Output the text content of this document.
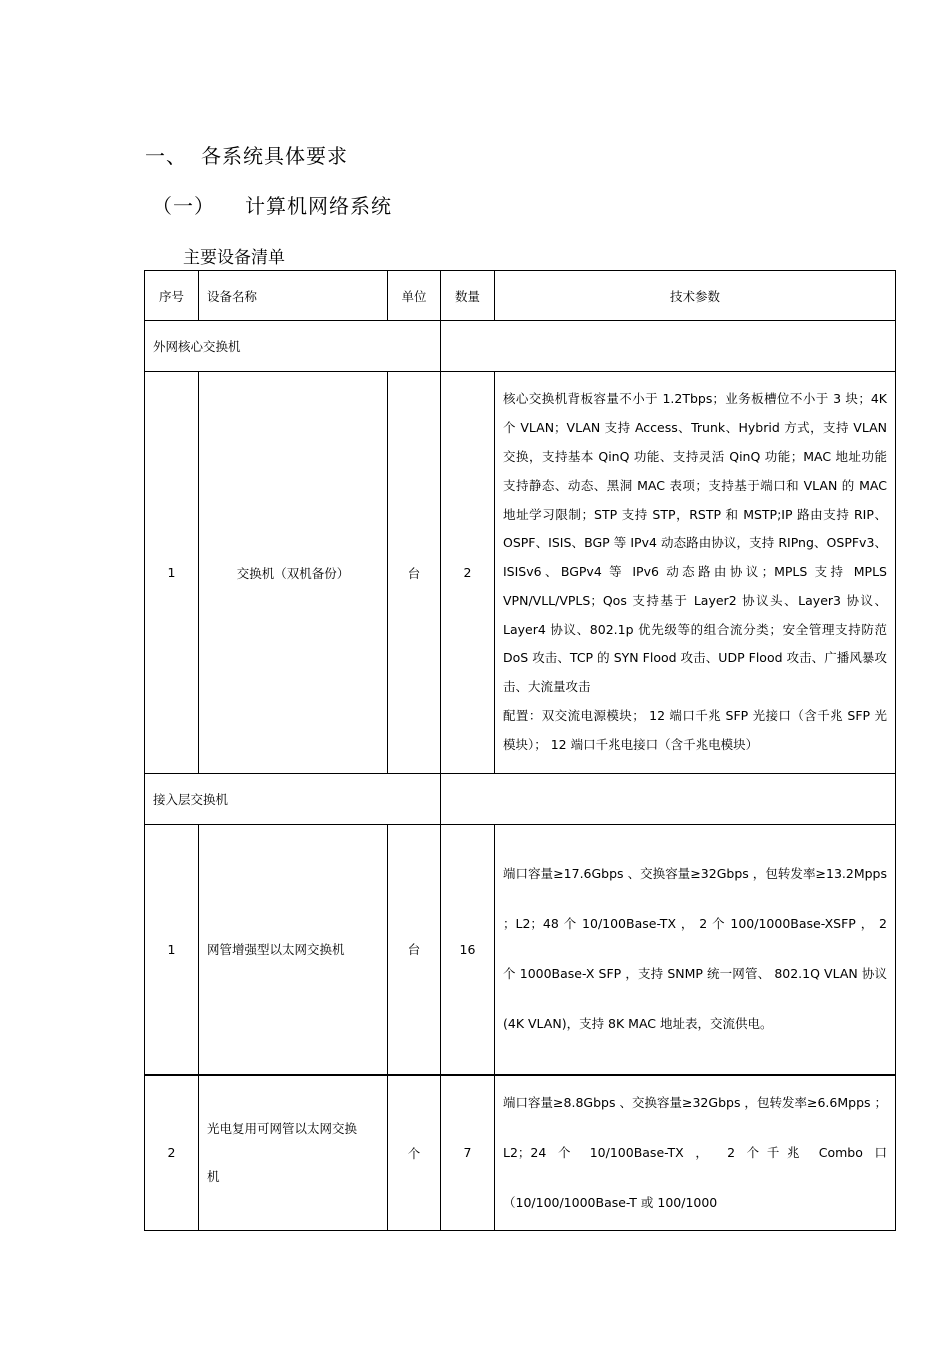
一、 各系统具体要求
（一） 计算机网络系统
主要设备清单
序号	设备名称	单位	数量	技术参数
外网核心交换机				
1	交换机（双机备份）	台	2	核心交换机背板容量不小于 1.2Tbps；业务板槽位不小于 3 块；4K 个 VLAN；VLAN 支持 Access、Trunk、Hybrid 方式，支持 VLAN 交换，支持基本 QinQ 功能、支持灵活 QinQ 功能；MAC 地址功能支持静态、动态、黑洞 MAC 表项；支持基于端口和 VLAN 的 MAC 地址学习限制；STP 支持 STP，RSTP 和 MSTP;IP 路由支持 RIP、OSPF、ISIS、BGP 等 IPv4 动态路由协议，支持 RIPng、OSPFv3、ISISv6、BGPv4 等 IPv6 动态路由协议；MPLS 支持 MPLS VPN/VLL/VPLS；Qos 支持基于 Layer2 协议头、Layer3 协议、Layer4 协议、802.1p 优先级等的组合流分类；安全管理支持防范 DoS 攻击、TCP 的 SYN Flood 攻击、UDP Flood 攻击、广播风暴攻击、大流量攻击
配置：双交流电源模块； 12 端口千兆 SFP 光接口（含千兆 SFP 光模块）； 12 端口千兆电接口（含千兆电模块）

接入层交换机				
1	网管增强型以太网交换机	台	16	端口容量≥17.6Gbps 、交换容量≥32Gbps ，包转发率≥13.2Mpps ；L2；48 个 10/100Base-TX ， 2 个 100/1000Base-XSFP ， 2 个 1000Base-X SFP ，支持 SNMP 统一网管、 802.1Q VLAN 协议 (4K VLAN)，支持 8K MAC 地址表，交流供电。

2	光电复用可网管以太网交换机	个	7	端口容量≥8.8Gbps 、交换容量≥32Gbps ，包转发率≥6.6Mpps ；L2；24 个 10/100Base-TX ， 2 个千兆 Combo 口（10/100/1000Base-T 或 100/1000
